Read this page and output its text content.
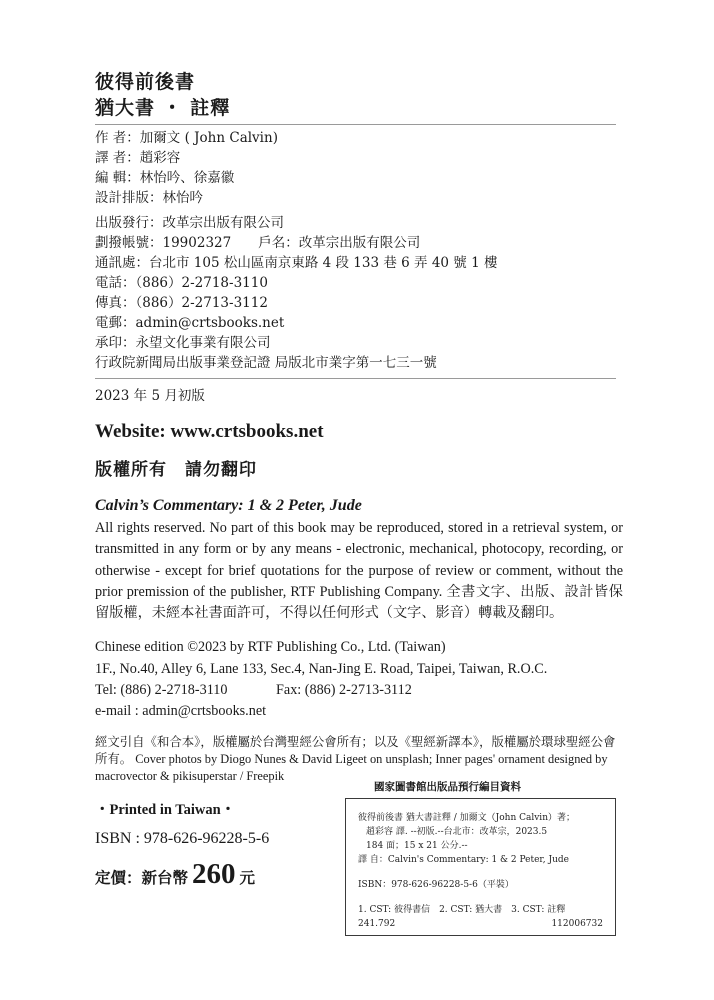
彼得前後書
猶大書 ・ 註釋
作 者：加爾文 ( John Calvin)
譯 者：趙彩容
編 輯：林怡吟、徐嘉徽
設計排版：林怡吟
出版發行：改革宗出版有限公司
劃撥帳號：19902327　　戶名：改革宗出版有限公司
通訊處：台北市 105 松山區南京東路 4 段 133 巷 6 弄 40 號 1 樓
電話：（886）2-2718-3110
傳真：（886）2-2713-3112
電郵：admin@crtsbooks.net
承印：永望文化事業有限公司
行政院新聞局出版事業登記證 局版北市業字第一七三一號
2023 年 5 月初版
Website: www.crtsbooks.net
版權所有　請勿翻印
Calvin’s Commentary: 1 & 2 Peter, Jude
All rights reserved. No part of this book may be reproduced, stored in a retrieval system, or transmitted in any form or by any means - electronic, mechanical, photocopy, recording, or otherwise - except for brief quotations for the purpose of review or comment, without the prior premission of the publisher, RTF Publishing Company. 全書文字、出版、設計皆保留版權，未經本社書面許可，不得以任何形式（文字、影音）轉載及翻印。
Chinese edition ©2023 by RTF Publishing Co., Ltd. (Taiwan)
1F., No.40, Alley 6, Lane 133, Sec.4, Nan-Jing E. Road, Taipei, Taiwan, R.O.C.
Tel: (886) 2-2718-3110	Fax: (886) 2-2713-3112
e-mail : admin@crtsbooks.net
經文引自《和合本》，版權屬於台灣聖經公會所有；以及《聖經新譯本》，版權屬於環球聖經公會所有。 Cover photos by Diogo Nunes & David Ligeet on unsplash; Inner pages' ornament designed by macrovector & pikisuperstar / Freepik
・Printed in Taiwan・
ISBN : 978-626-96228-5-6
定價：新台幣 260 元
國家圖書館出版品預行編目資料
彼得前後書 猶大書註釋 / 加爾文（John Calvin）著；
趙彩容 譯. --初版.--台北市：改革宗，2023.5
184 面；15 x 21 公分.--
譯 自：Calvin's Commentary: 1 & 2 Peter, Jude
ISBN：978-626-96228-5-6（平裝）
1. CST: 彼得書信　2. CST: 猶大書　3. CST: 註釋
241.792	112006732
